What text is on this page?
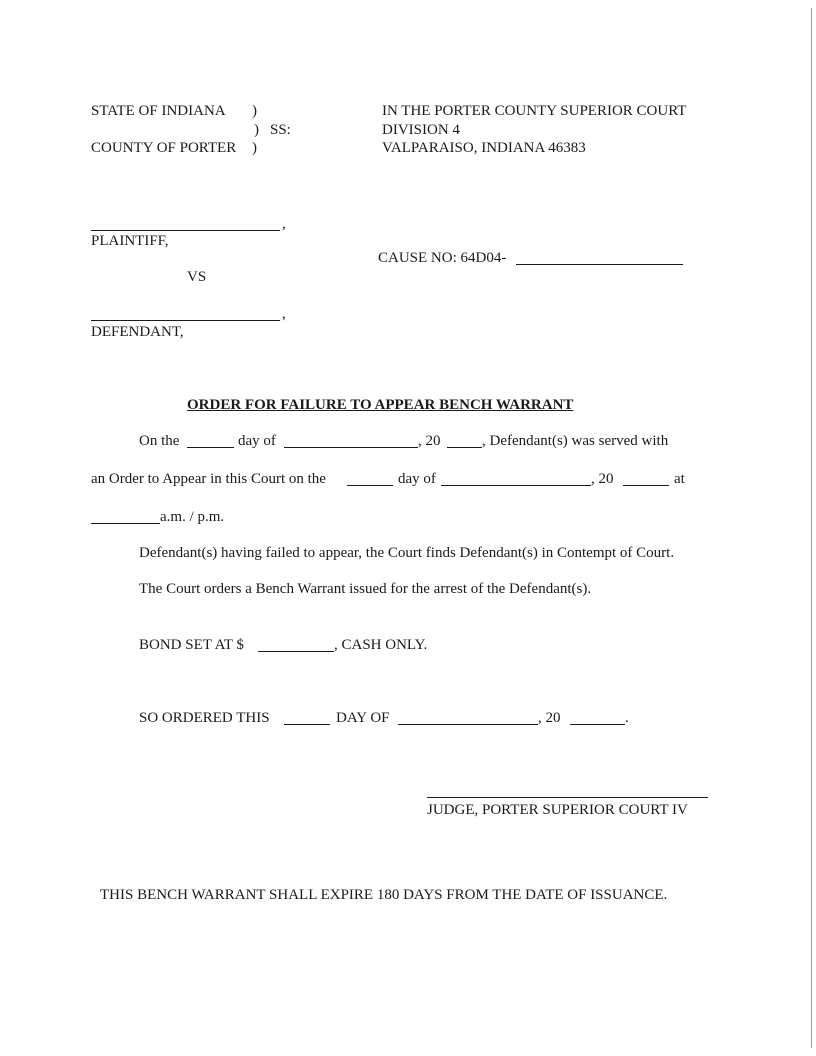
STATE OF INDIANA )
) SS:
COUNTY OF PORTER )
IN THE PORTER COUNTY SUPERIOR COURT
DIVISION 4
VALPARAISO, INDIANA 46383
,
PLAINTIFF,
VS
CAUSE NO: 64D04-
,
DEFENDANT,
ORDER FOR FAILURE TO APPEAR BENCH WARRANT
On the	day of	, 20	, Defendant(s) was served with
an Order to Appear in this Court on the	day of	, 20	at
a.m. / p.m.
Defendant(s) having failed to appear, the Court finds Defendant(s) in Contempt of Court.
The Court orders a Bench Warrant issued for the arrest of the Defendant(s).
BOND SET AT $	, CASH ONLY.
SO ORDERED THIS	DAY OF	, 20	.
JUDGE, PORTER SUPERIOR COURT IV
THIS BENCH WARRANT SHALL EXPIRE 180 DAYS FROM THE DATE OF ISSUANCE.
